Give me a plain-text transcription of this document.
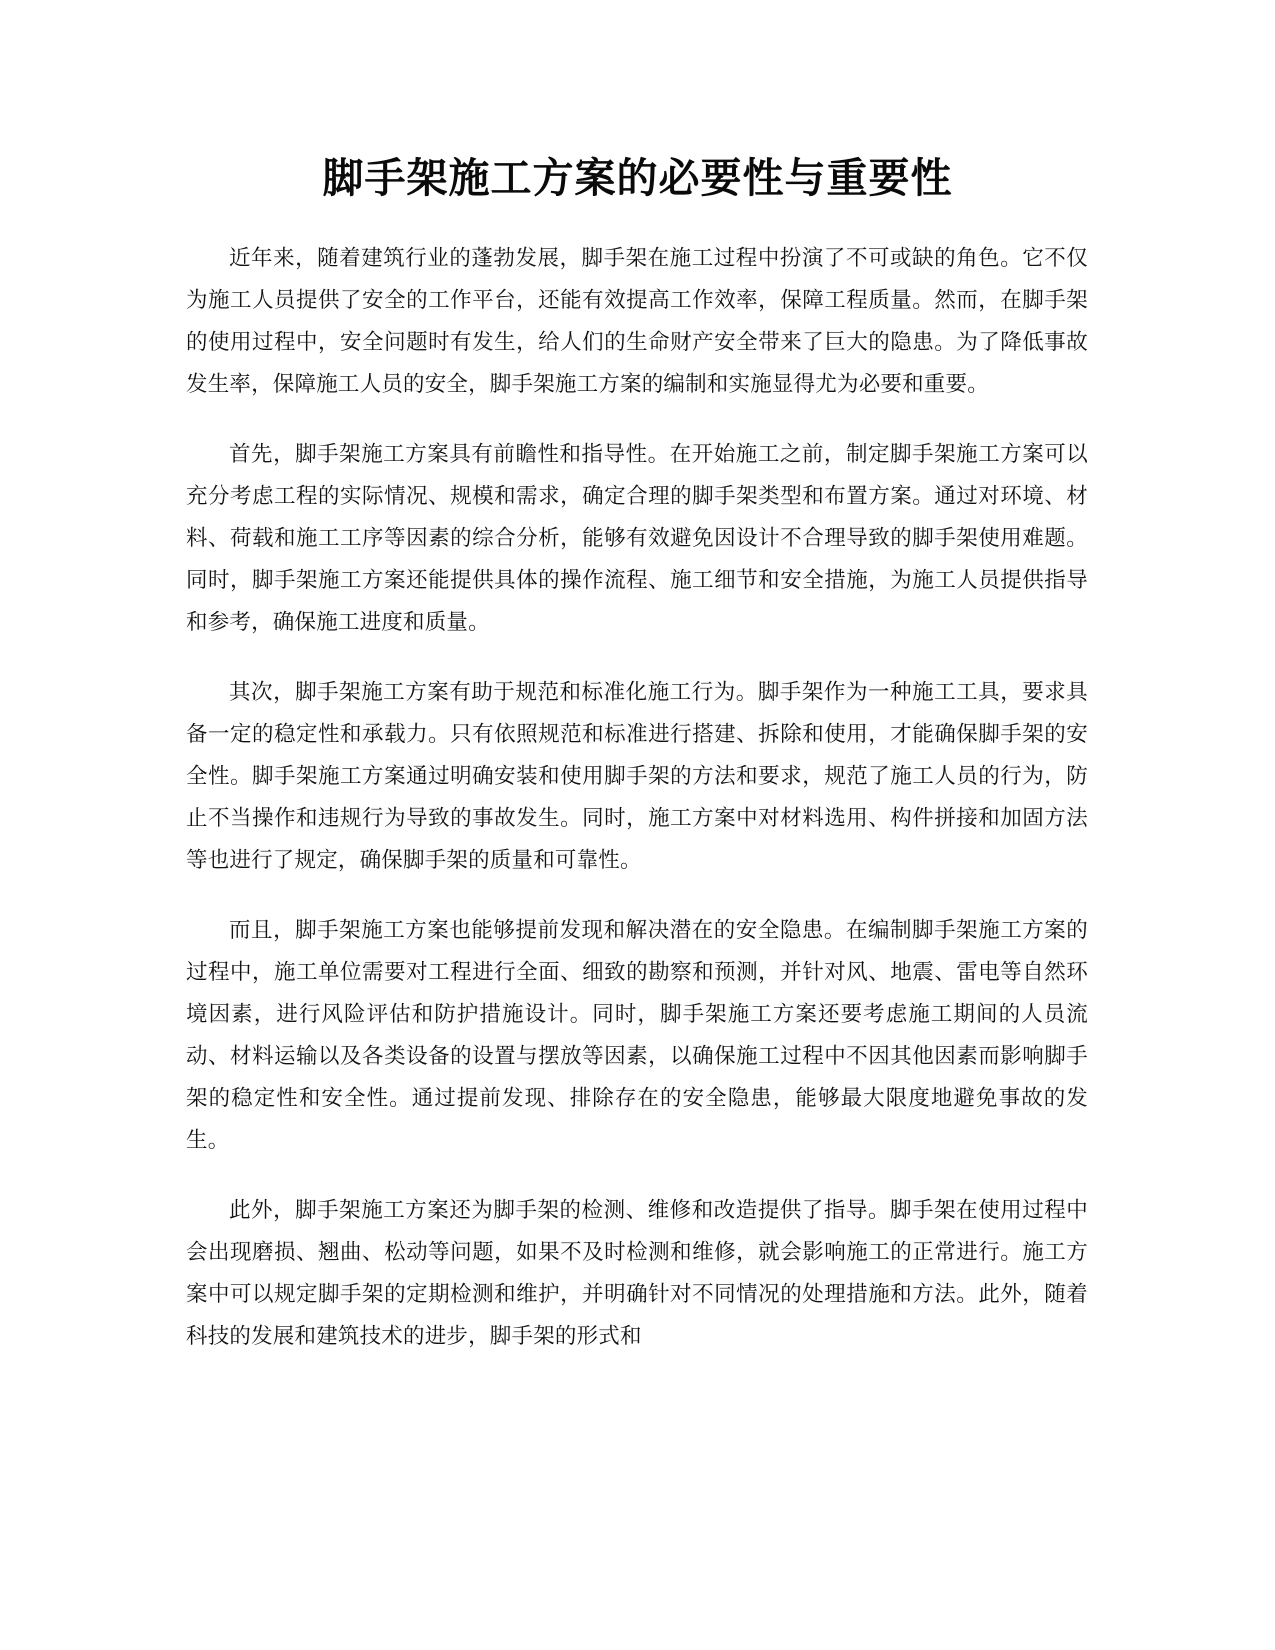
脚手架施工方案的必要性与重要性

近年来，随着建筑行业的蓬勃发展，脚手架在施工过程中扮演了不可或缺的角色。它不仅为施工人员提供了安全的工作平台，还能有效提高工作效率，保障工程质量。然而，在脚手架的使用过程中，安全问题时有发生，给人们的生命财产安全带来了巨大的隐患。为了降低事故发生率，保障施工人员的安全，脚手架施工方案的编制和实施显得尤为必要和重要。

首先，脚手架施工方案具有前瞻性和指导性。在开始施工之前，制定脚手架施工方案可以充分考虑工程的实际情况、规模和需求，确定合理的脚手架类型和布置方案。通过对环境、材料、荷载和施工工序等因素的综合分析，能够有效避免因设计不合理导致的脚手架使用难题。同时，脚手架施工方案还能提供具体的操作流程、施工细节和安全措施，为施工人员提供指导和参考，确保施工进度和质量。

其次，脚手架施工方案有助于规范和标准化施工行为。脚手架作为一种施工工具，要求具备一定的稳定性和承载力。只有依照规范和标准进行搭建、拆除和使用，才能确保脚手架的安全性。脚手架施工方案通过明确安装和使用脚手架的方法和要求，规范了施工人员的行为，防止不当操作和违规行为导致的事故发生。同时，施工方案中对材料选用、构件拼接和加固方法等也进行了规定，确保脚手架的质量和可靠性。

而且，脚手架施工方案也能够提前发现和解决潜在的安全隐患。在编制脚手架施工方案的过程中，施工单位需要对工程进行全面、细致的勘察和预测，并针对风、地震、雷电等自然环境因素，进行风险评估和防护措施设计。同时，脚手架施工方案还要考虑施工期间的人员流动、材料运输以及各类设备的设置与摆放等因素，以确保施工过程中不因其他因素而影响脚手架的稳定性和安全性。通过提前发现、排除存在的安全隐患，能够最大限度地避免事故的发生。

此外，脚手架施工方案还为脚手架的检测、维修和改造提供了指导。脚手架在使用过程中会出现磨损、翘曲、松动等问题，如果不及时检测和维修，就会影响施工的正常进行。施工方案中可以规定脚手架的定期检测和维护，并明确针对不同情况的处理措施和方法。此外，随着科技的发展和建筑技术的进步，脚手架的形式和
